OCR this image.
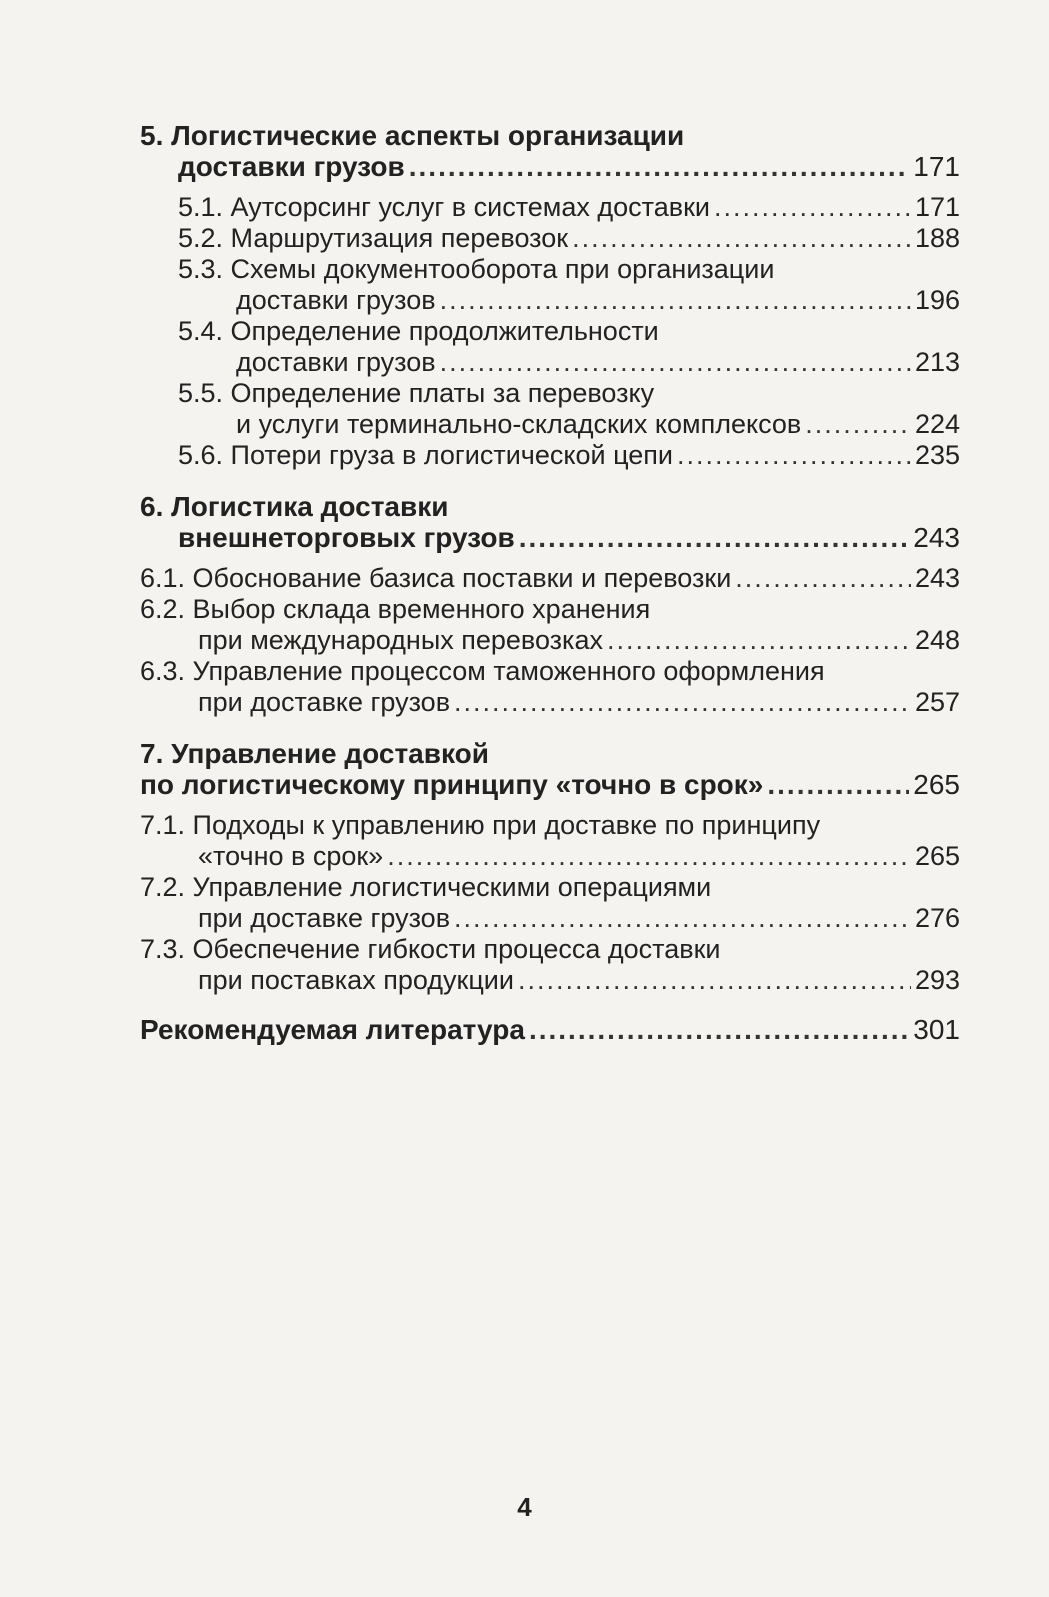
5. Логистические аспекты организации
доставки грузов .....	171
5.1. Аутсорсинг услуг в системах доставки .....	171
5.2. Маршрутизация перевозок .....	188
5.3. Схемы документооборота при организации
доставки грузов .....	196
5.4. Определение продолжительности
доставки грузов .....	213
5.5. Определение платы за перевозку
и услуги терминально-складских комплексов .....	224
5.6. Потери груза в логистической цепи .....	235
6. Логистика доставки
внешнеторговых грузов .....	243
6.1. Обоснование базиса поставки и перевозки .....	243
6.2. Выбор склада временного хранения
при международных перевозках .....	248
6.3. Управление процессом таможенного оформления
при доставке грузов .....	257
7. Управление доставкой
по логистическому принципу «точно в срок» .....	265
7.1. Подходы к управлению при доставке по принципу
«точно в срок» .....	265
7.2. Управление логистическими операциями
при доставке грузов .....	276
7.3. Обеспечение гибкости процесса доставки
при поставках продукции .....	293
Рекомендуемая литература .....	301
4
